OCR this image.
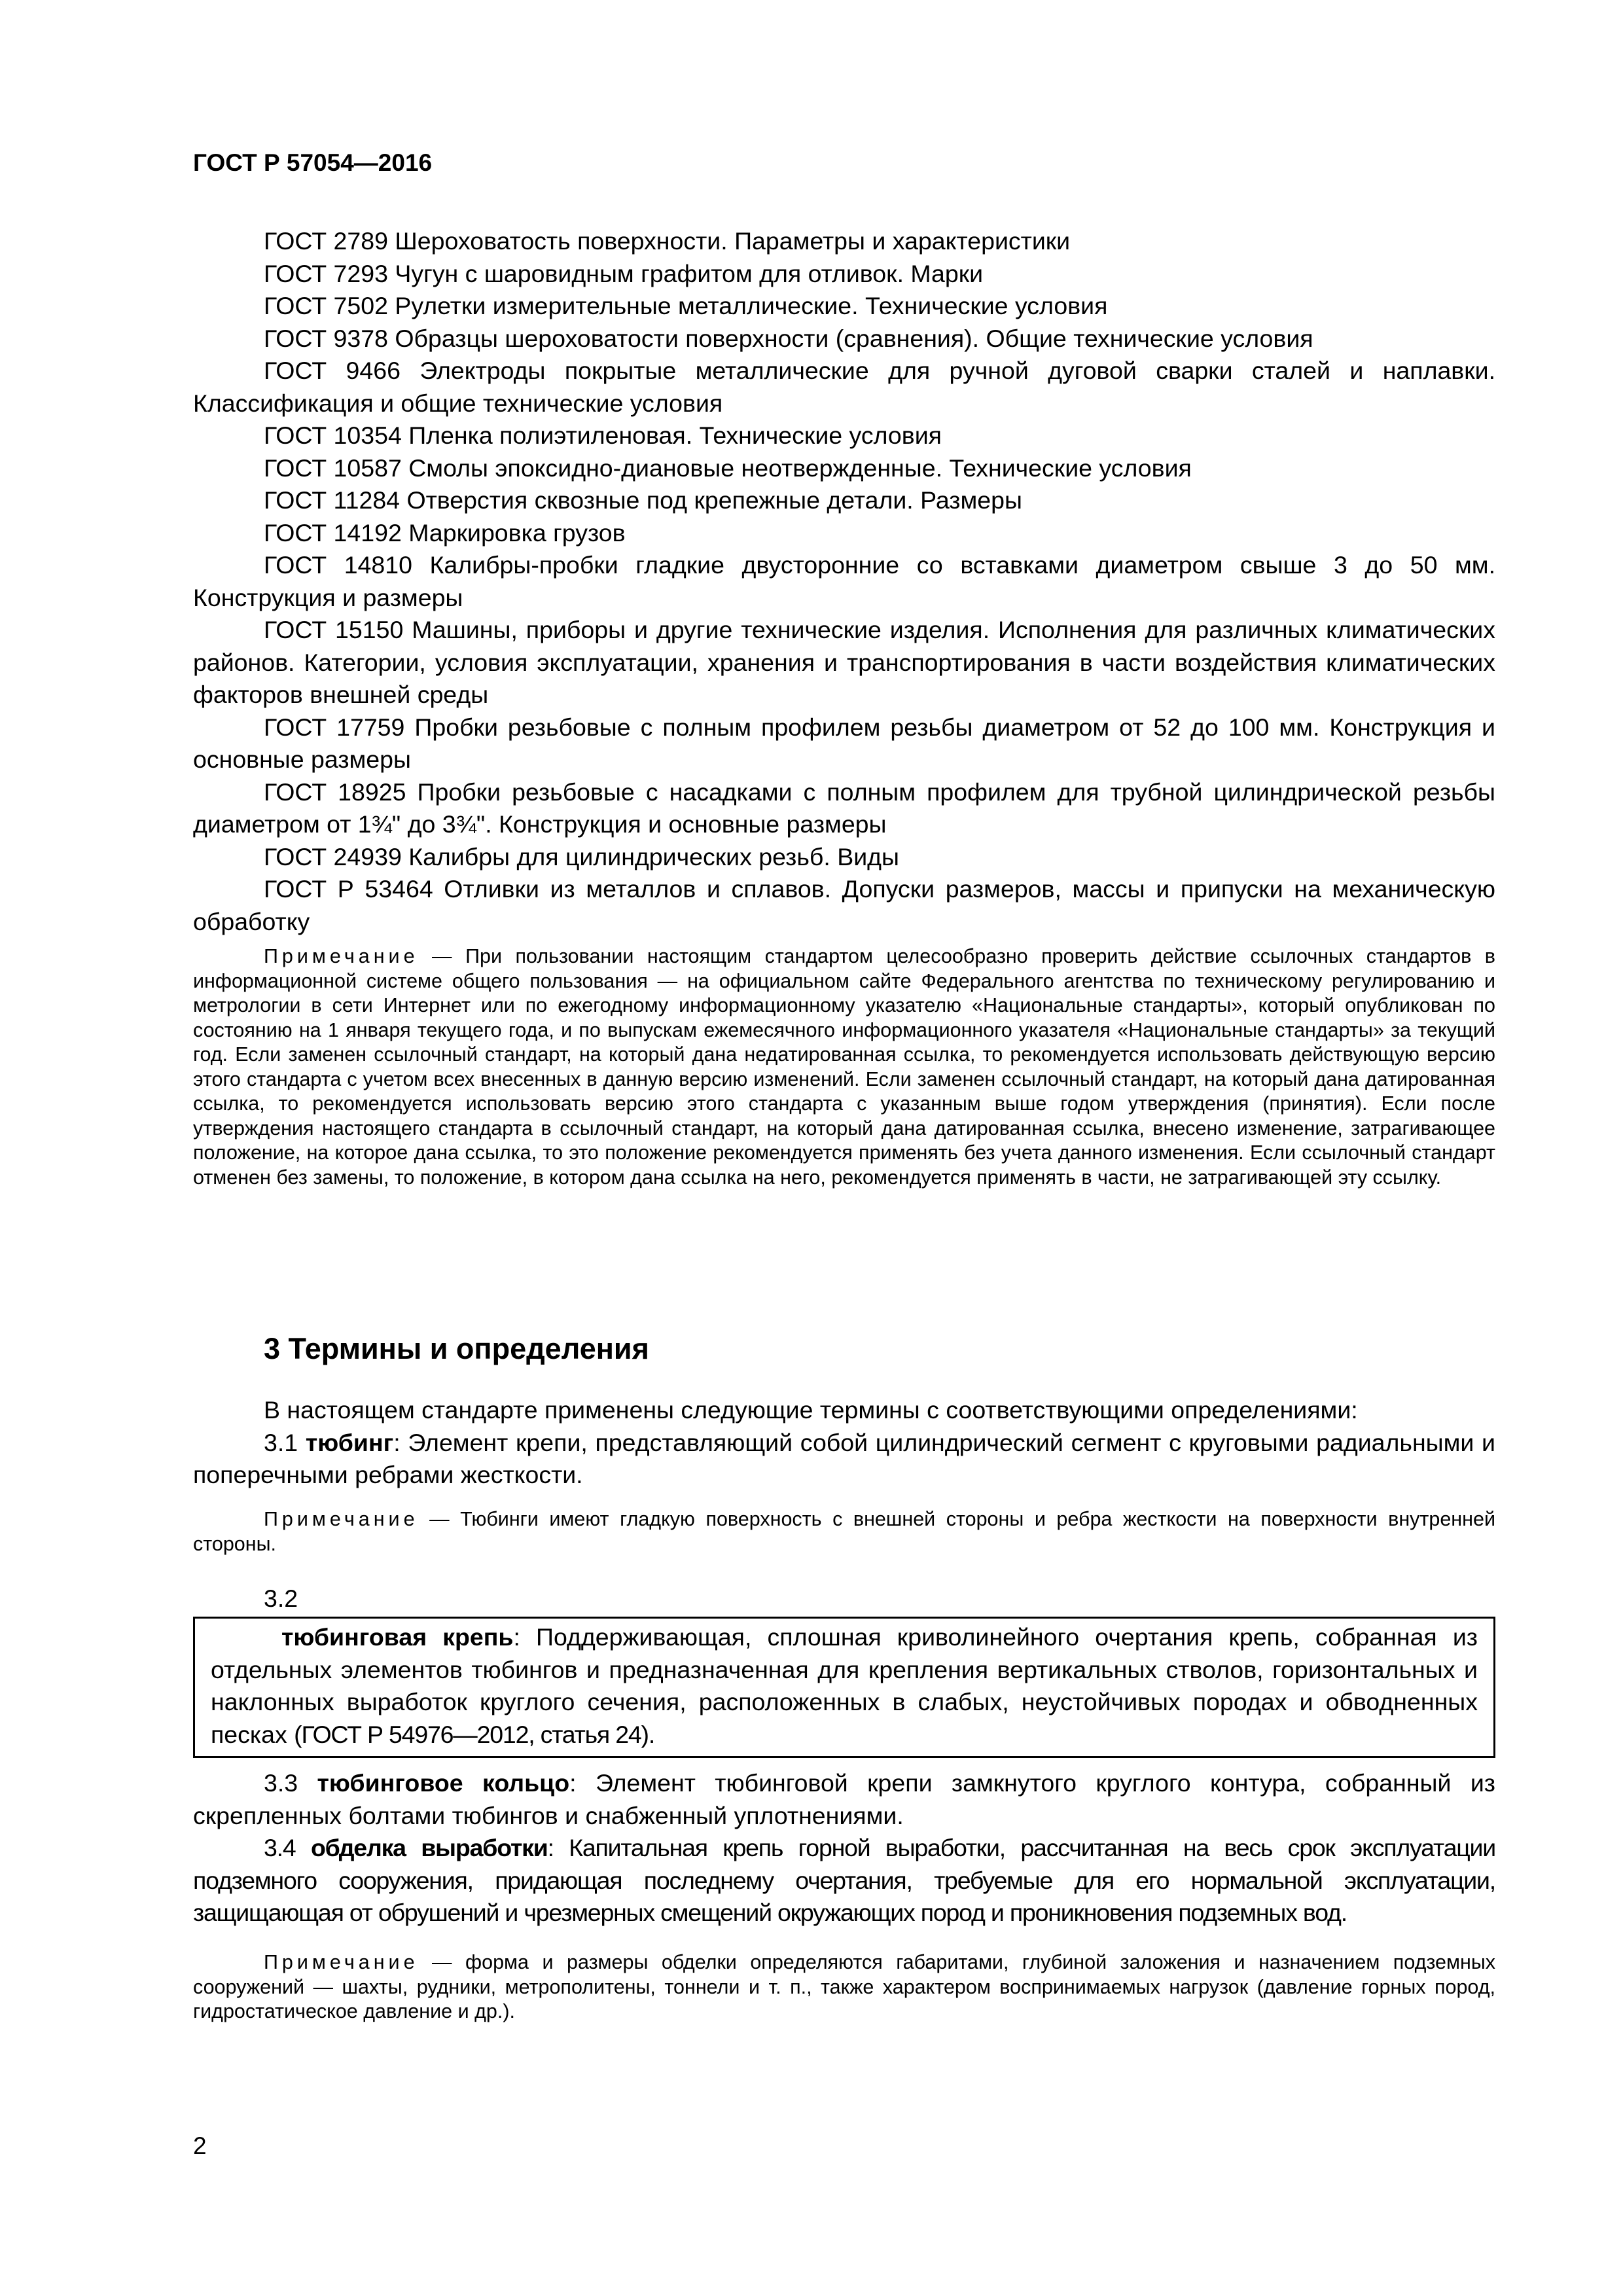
ГОСТ Р 57054—2016

ГОСТ 2789 Шероховатость поверхности. Параметры и характеристики

ГОСТ 7293 Чугун с шаровидным графитом для отливок. Марки

ГОСТ 7502 Рулетки измерительные металлические. Технические условия

ГОСТ 9378 Образцы шероховатости поверхности (сравнения). Общие технические условия

ГОСТ 9466 Электроды покрытые металлические для ручной дуговой сварки сталей и наплавки. Классификация и общие технические условия

ГОСТ 10354 Пленка полиэтиленовая. Технические условия

ГОСТ 10587 Смолы эпоксидно-диановые неотвержденные. Технические условия

ГОСТ 11284 Отверстия сквозные под крепежные детали. Размеры

ГОСТ 14192 Маркировка грузов

ГОСТ 14810 Калибры-пробки гладкие двусторонние со вставками диаметром свыше 3 до 50 мм. Конструкция и размеры

ГОСТ 15150 Машины, приборы и другие технические изделия. Исполнения для различных климатических районов. Категории, условия эксплуатации, хранения и транспортирования в части воздействия климатических факторов внешней среды

ГОСТ 17759 Пробки резьбовые с полным профилем резьбы диаметром от 52 до 100 мм. Конструкция и основные размеры

ГОСТ 18925 Пробки резьбовые с насадками с полным профилем для трубной цилиндрической резьбы диаметром от 1¾" до 3¾". Конструкция и основные размеры

ГОСТ 24939 Калибры для цилиндрических резьб. Виды

ГОСТ Р 53464 Отливки из металлов и сплавов. Допуски размеров, массы и припуски на механическую обработку

Примечание — При пользовании настоящим стандартом целесообразно проверить действие ссылочных стандартов в информационной системе общего пользования — на официальном сайте Федерального агентства по техническому регулированию и метрологии в сети Интернет или по ежегодному информационному указателю «Национальные стандарты», который опубликован по состоянию на 1 января текущего года, и по выпускам ежемесячного информационного указателя «Национальные стандарты» за текущий год. Если заменен ссылочный стандарт, на который дана недатированная ссылка, то рекомендуется использовать действующую версию этого стандарта с учетом всех внесенных в данную версию изменений. Если заменен ссылочный стандарт, на который дана датированная ссылка, то рекомендуется использовать версию этого стандарта с указанным выше годом утверждения (принятия). Если после утверждения настоящего стандарта в ссылочный стандарт, на который дана датированная ссылка, внесено изменение, затрагивающее положение, на которое дана ссылка, то это положение рекомендуется применять без учета данного изменения. Если ссылочный стандарт отменен без замены, то положение, в котором дана ссылка на него, рекомендуется применять в части, не затрагивающей эту ссылку.

3 Термины и определения

В настоящем стандарте применены следующие термины с соответствующими определениями:

3.1 тюбинг: Элемент крепи, представляющий собой цилиндрический сегмент с круговыми радиальными и поперечными ребрами жесткости.

Примечание — Тюбинги имеют гладкую поверхность с внешней стороны и ребра жесткости на поверхности внутренней стороны.

3.2

тюбинговая крепь: Поддерживающая, сплошная криволинейного очертания крепь, собранная из отдельных элементов тюбингов и предназначенная для крепления вертикальных стволов, горизонтальных и наклонных выработок круглого сечения, расположенных в слабых, неустойчивых породах и обводненных песках (ГОСТ Р 54976—2012, статья 24).

3.3 тюбинговое кольцо: Элемент тюбинговой крепи замкнутого круглого контура, собранный из скрепленных болтами тюбингов и снабженный уплотнениями.

3.4 обделка выработки: Капитальная крепь горной выработки, рассчитанная на весь срок эксплуатации подземного сооружения, придающая последнему очертания, требуемые для его нормальной эксплуатации, защищающая от обрушений и чрезмерных смещений окружающих пород и проникновения подземных вод.

Примечание — форма и размеры обделки определяются габаритами, глубиной заложения и назначением подземных сооружений — шахты, рудники, метрополитены, тоннели и т. п., также характером воспринимаемых нагрузок (давление горных пород, гидростатическое давление и др.).

2
